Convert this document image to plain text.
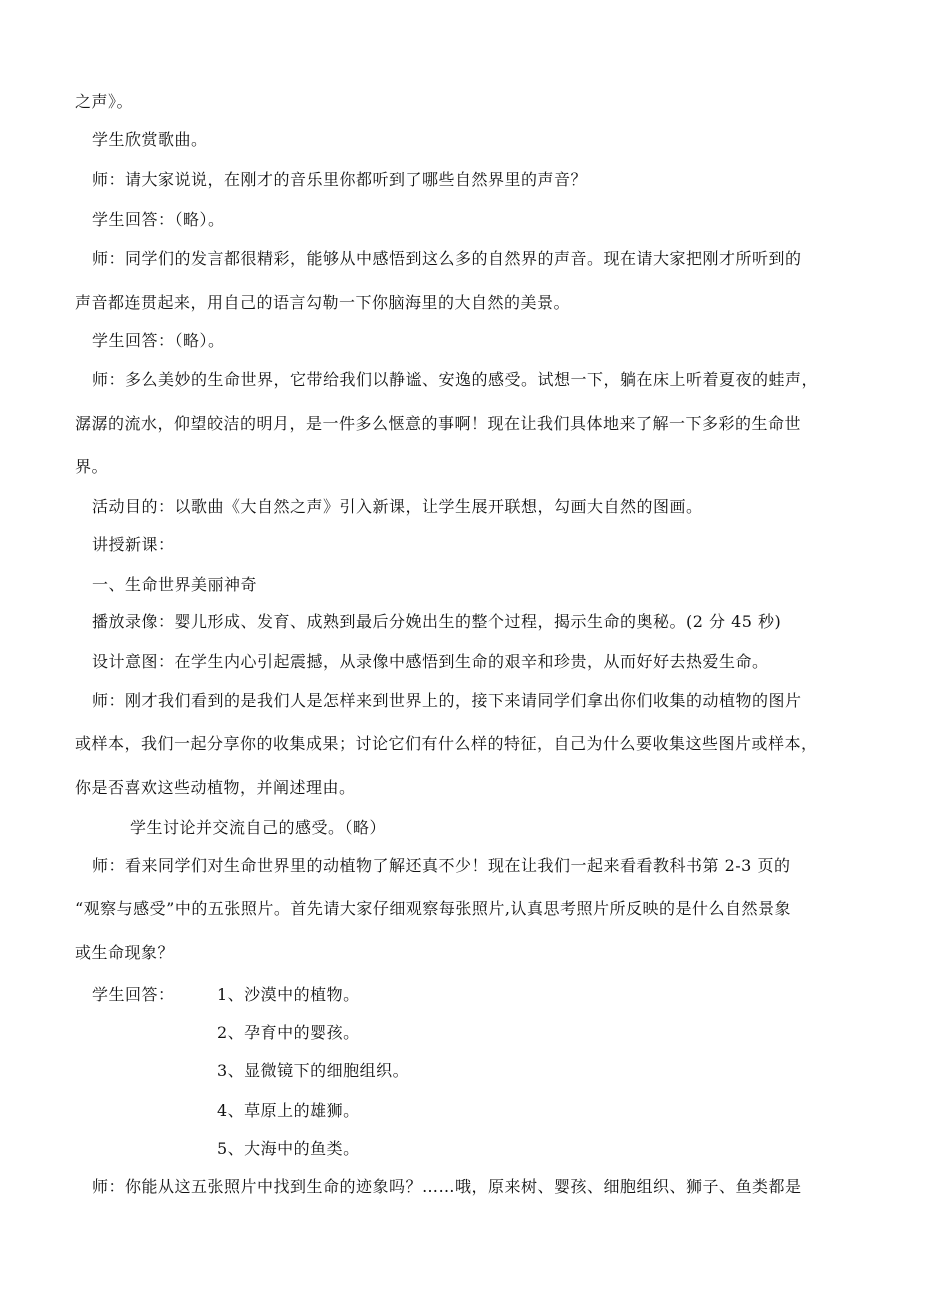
之声》。
学生欣赏歌曲。
师：请大家说说，在刚才的音乐里你都听到了哪些自然界里的声音？
学生回答：（略）。
师：同学们的发言都很精彩，能够从中感悟到这么多的自然界的声音。现在请大家把刚才所听到的
声音都连贯起来，用自己的语言勾勒一下你脑海里的大自然的美景。
学生回答：（略）。
师：多么美妙的生命世界，它带给我们以静谧、安逸的感受。试想一下，躺在床上听着夏夜的蛙声，
潺潺的流水，仰望皎洁的明月，是一件多么惬意的事啊！现在让我们具体地来了解一下多彩的生命世
界。
活动目的：以歌曲《大自然之声》引入新课，让学生展开联想，勾画大自然的图画。
讲授新课：
一、生命世界美丽神奇
播放录像：婴儿形成、发育、成熟到最后分娩出生的整个过程，揭示生命的奥秘。(2 分 45 秒)
设计意图：在学生内心引起震撼，从录像中感悟到生命的艰辛和珍贵，从而好好去热爱生命。
师：刚才我们看到的是我们人是怎样来到世界上的，接下来请同学们拿出你们收集的动植物的图片
或样本，我们一起分享你的收集成果；讨论它们有什么样的特征，自己为什么要收集这些图片或样本，
你是否喜欢这些动植物，并阐述理由。
学生讨论并交流自己的感受。（略）
师：看来同学们对生命世界里的动植物了解还真不少！现在让我们一起来看看教科书第 2-3 页的
“观察与感受”中的五张照片。首先请大家仔细观察每张照片,认真思考照片所反映的是什么自然景象
或生命现象？
学生回答：	1、沙漠中的植物。
2、孕育中的婴孩。
3、显微镜下的细胞组织。
4、草原上的雄狮。
5、大海中的鱼类。
师：你能从这五张照片中找到生命的迹象吗？……哦，原来树、婴孩、细胞组织、狮子、鱼类都是
